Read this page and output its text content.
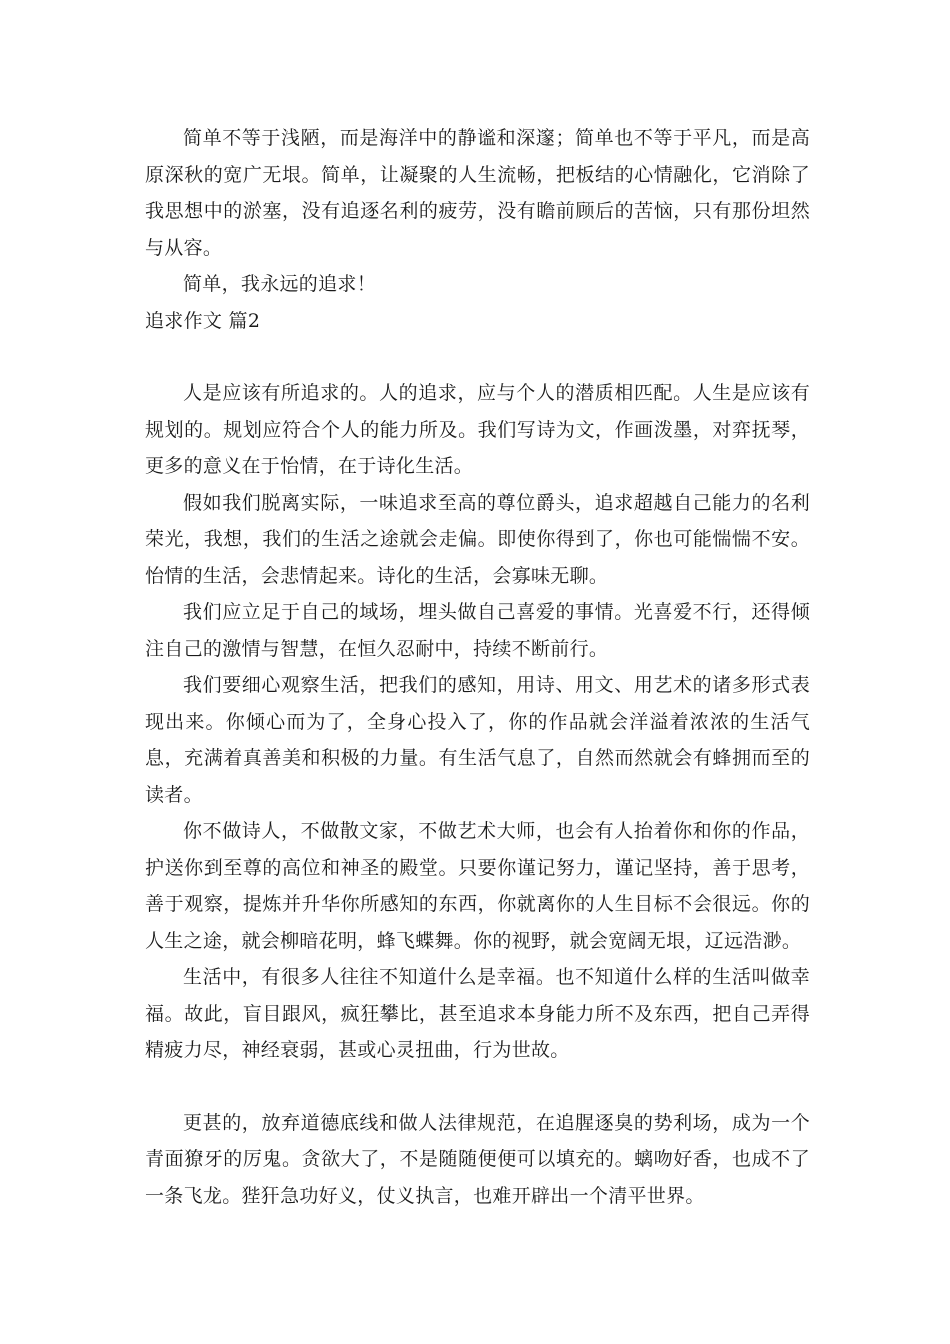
简单不等于浅陋，而是海洋中的静谧和深邃；简单也不等于平凡，而是高原深秋的宽广无垠。简单，让凝聚的人生流畅，把板结的心情融化，它消除了我思想中的淤塞，没有追逐名利的疲劳，没有瞻前顾后的苦恼，只有那份坦然与从容。

简单，我永远的追求！

追求作文 篇2

人是应该有所追求的。人的追求，应与个人的潜质相匹配。人生是应该有规划的。规划应符合个人的能力所及。我们写诗为文，作画泼墨，对弈抚琴，更多的意义在于怡情，在于诗化生活。

假如我们脱离实际，一味追求至高的尊位爵头，追求超越自己能力的名利荣光，我想，我们的生活之途就会走偏。即使你得到了，你也可能惴惴不安。怡情的生活，会悲情起来。诗化的生活，会寡味无聊。

我们应立足于自己的域场，埋头做自己喜爱的事情。光喜爱不行，还得倾注自己的激情与智慧，在恒久忍耐中，持续不断前行。

我们要细心观察生活，把我们的感知，用诗、用文、用艺术的诸多形式表现出来。你倾心而为了，全身心投入了，你的作品就会洋溢着浓浓的生活气息，充满着真善美和积极的力量。有生活气息了，自然而然就会有蜂拥而至的读者。

你不做诗人，不做散文家，不做艺术大师，也会有人抬着你和你的作品，护送你到至尊的高位和神圣的殿堂。只要你谨记努力，谨记坚持，善于思考，善于观察，提炼并升华你所感知的东西，你就离你的人生目标不会很远。你的人生之途，就会柳暗花明，蜂飞蝶舞。你的视野，就会宽阔无垠，辽远浩渺。

生活中，有很多人往往不知道什么是幸福。也不知道什么样的生活叫做幸福。故此，盲目跟风，疯狂攀比，甚至追求本身能力所不及东西，把自己弄得精疲力尽，神经衰弱，甚或心灵扭曲，行为世故。

更甚的，放弃道德底线和做人法律规范，在追腥逐臭的势利场，成为一个青面獠牙的厉鬼。贪欲大了，不是随随便便可以填充的。螭吻好香，也成不了一条飞龙。狴犴急功好义，仗义执言，也难开辟出一个清平世界。
